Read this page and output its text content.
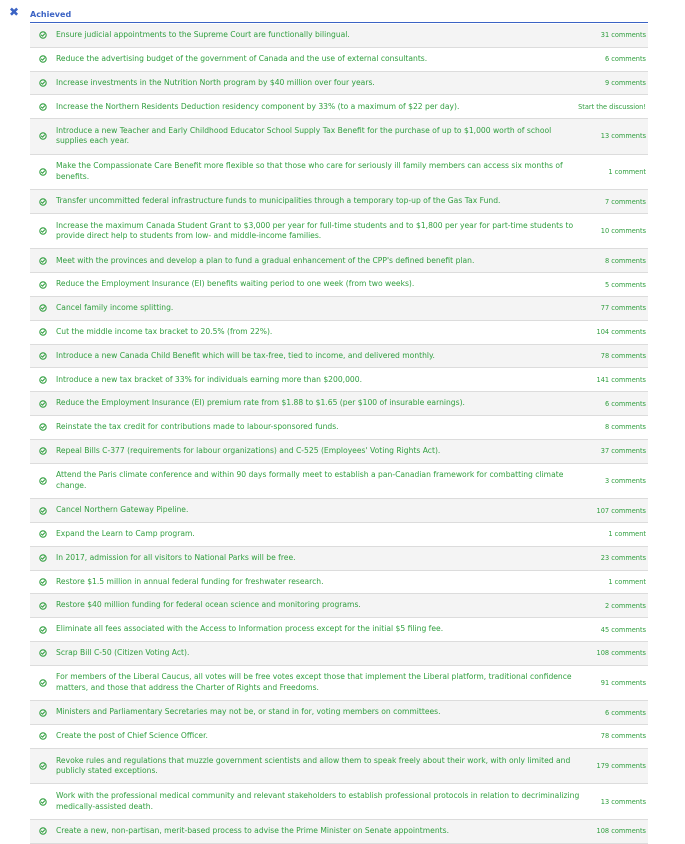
✖ Achieved
Ensure judicial appointments to the Supreme Court are functionally bilingual.	31 comments
Reduce the advertising budget of the government of Canada and the use of external consultants.	6 comments
Increase investments in the Nutrition North program by $40 million over four years.	9 comments
Increase the Northern Residents Deduction residency component by 33% (to a maximum of $22 per day).	Start the discussion!
Introduce a new Teacher and Early Childhood Educator School Supply Tax Benefit for the purchase of up to $1,000 worth of school supplies each year.	13 comments
Make the Compassionate Care Benefit more flexible so that those who care for seriously ill family members can access six months of benefits.	1 comment
Transfer uncommitted federal infrastructure funds to municipalities through a temporary top-up of the Gas Tax Fund.	7 comments
Increase the maximum Canada Student Grant to $3,000 per year for full-time students and to $1,800 per year for part-time students to provide direct help to students from low- and middle-income families.	10 comments
Meet with the provinces and develop a plan to fund a gradual enhancement of the CPP's defined benefit plan.	8 comments
Reduce the Employment Insurance (EI) benefits waiting period to one week (from two weeks).	5 comments
Cancel family income splitting.	77 comments
Cut the middle income tax bracket to 20.5% (from 22%).	104 comments
Introduce a new Canada Child Benefit which will be tax-free, tied to income, and delivered monthly.	78 comments
Introduce a new tax bracket of 33% for individuals earning more than $200,000.	141 comments
Reduce the Employment Insurance (EI) premium rate from $1.88 to $1.65 (per $100 of insurable earnings).	6 comments
Reinstate the tax credit for contributions made to labour-sponsored funds.	8 comments
Repeal Bills C-377 (requirements for labour organizations) and C-525 (Employees' Voting Rights Act).	37 comments
Attend the Paris climate conference and within 90 days formally meet to establish a pan-Canadian framework for combatting climate change.	3 comments
Cancel Northern Gateway Pipeline.	107 comments
Expand the Learn to Camp program.	1 comment
In 2017, admission for all visitors to National Parks will be free.	23 comments
Restore $1.5 million in annual federal funding for freshwater research.	1 comment
Restore $40 million funding for federal ocean science and monitoring programs.	2 comments
Eliminate all fees associated with the Access to Information process except for the initial $5 filing fee.	45 comments
Scrap Bill C-50 (Citizen Voting Act).	108 comments
For members of the Liberal Caucus, all votes will be free votes except those that implement the Liberal platform, traditional confidence matters, and those that address the Charter of Rights and Freedoms.	91 comments
Ministers and Parliamentary Secretaries may not be, or stand in for, voting members on committees.	6 comments
Create the post of Chief Science Officer.	78 comments
Revoke rules and regulations that muzzle government scientists and allow them to speak freely about their work, with only limited and publicly stated exceptions.	179 comments
Work with the professional medical community and relevant stakeholders to establish professional protocols in relation to decriminalizing medically-assisted death.	13 comments
Create a new, non-partisan, merit-based process to advise the Prime Minister on Senate appointments.	108 comments
